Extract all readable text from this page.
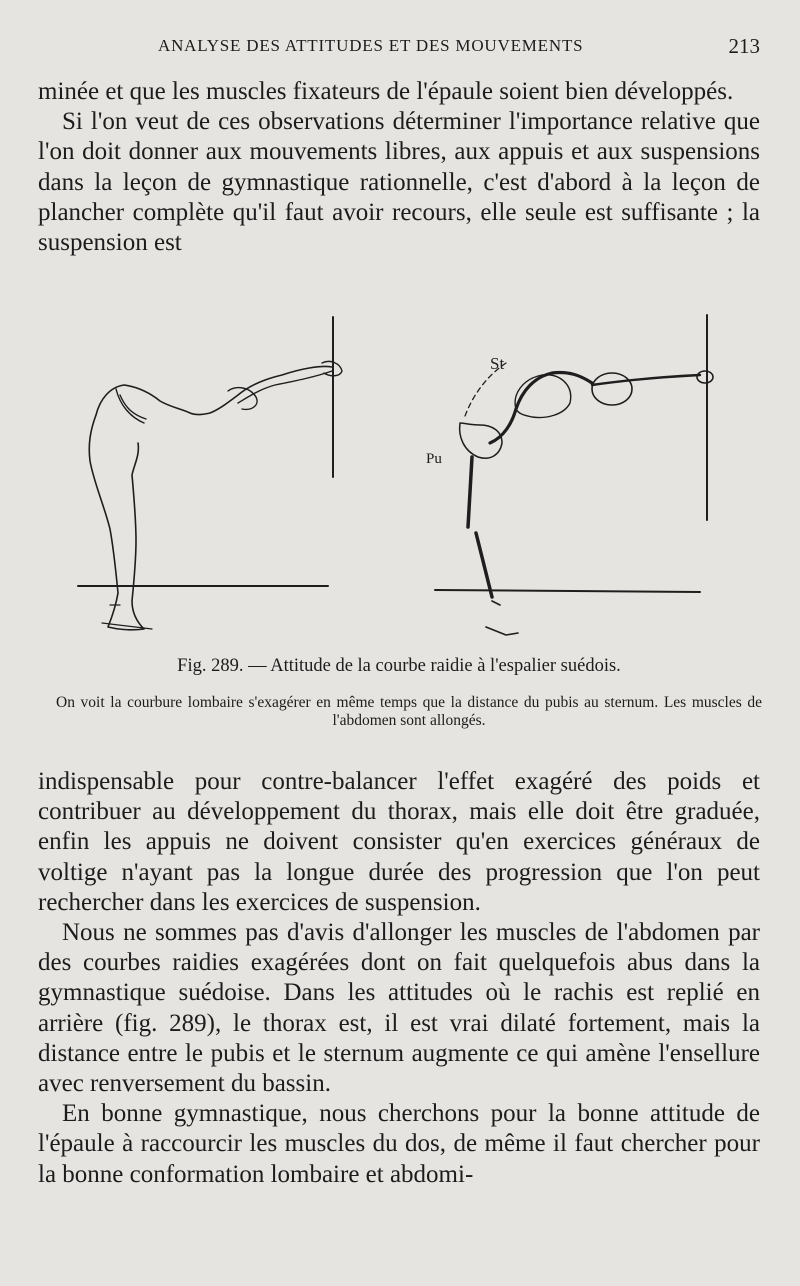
ANALYSE DES ATTITUDES ET DES MOUVEMENTS	213

minée et que les muscles fixateurs de l'épaule soient bien développés.

Si l'on veut de ces observations déterminer l'importance relative que l'on doit donner aux mouvements libres, aux appuis et aux suspensions dans la leçon de gymnastique rationnelle, c'est d'abord à la leçon de plancher complète qu'il faut avoir recours, elle seule est suffisante ; la suspension est

St
Pu
Fig. 289. — Attitude de la courbe raidie à l'espalier suédois.
On voit la courbure lombaire s'exagérer en même temps que la distance du pubis au sternum. Les muscles de l'abdomen sont allongés.

indispensable pour contre-balancer l'effet exagéré des poids et contribuer au développement du thorax, mais elle doit être graduée, enfin les appuis ne doivent consister qu'en exercices généraux de voltige n'ayant pas la longue durée des progression que l'on peut rechercher dans les exercices de suspension.

Nous ne sommes pas d'avis d'allonger les muscles de l'abdomen par des courbes raidies exagérées dont on fait quelquefois abus dans la gymnastique suédoise. Dans les attitudes où le rachis est replié en arrière (fig. 289), le thorax est, il est vrai dilaté fortement, mais la distance entre le pubis et le sternum augmente ce qui amène l'ensellure avec renversement du bassin.

En bonne gymnastique, nous cherchons pour la bonne attitude de l'épaule à raccourcir les muscles du dos, de même il faut chercher pour la bonne conformation lombaire et abdomi-
